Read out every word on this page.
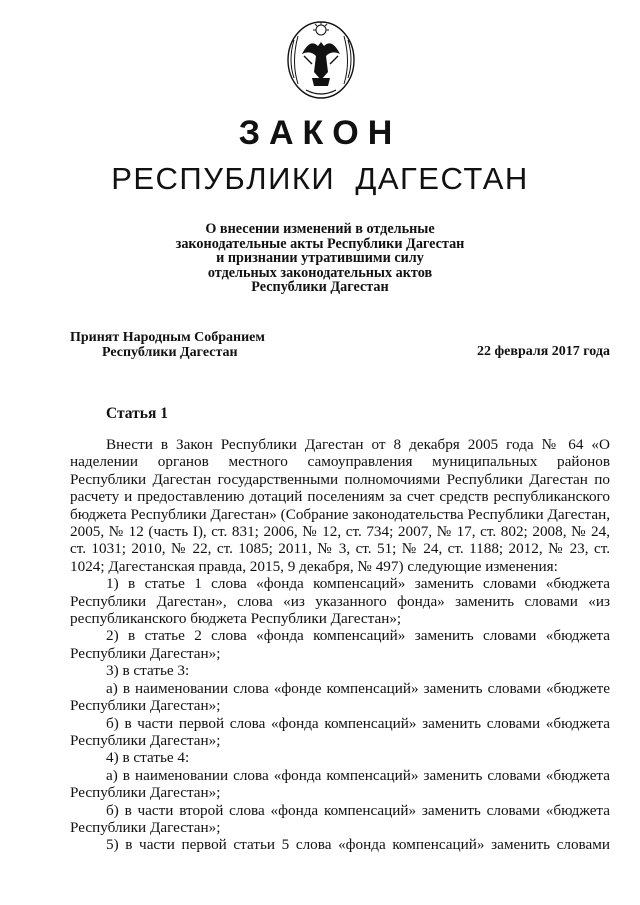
ЗАКОН
РЕСПУБЛИКИ ДАГЕСТАН
О внесении изменений в отдельные
законодательные акты Республики Дагестан
и признании утратившими силу
отдельных законодательных актов
Республики Дагестан
Принят Народным Собранием
Республики Дагестан	22 февраля 2017 года
Статья 1

Внести в Закон Республики Дагестан от 8 декабря 2005 года № 64 «О наделении органов местного самоуправления муниципальных районов Республики Дагестан государственными полномочиями Республики Дагестан по расчету и предоставлению дотаций поселениям за счет средств республиканского бюджета Республики Дагестан» (Собрание законодательства Республики Дагестан, 2005, № 12 (часть I), ст. 831; 2006, № 12, ст. 734; 2007, № 17, ст. 802; 2008, № 24, ст. 1031; 2010, № 22, ст. 1085; 2011, № 3, ст. 51; № 24, ст. 1188; 2012, № 23, ст. 1024; Дагестанская правда, 2015, 9 декабря, № 497) следующие изменения:

1) в статье 1 слова «фонда компенсаций» заменить словами «бюджета Республики Дагестан», слова «из указанного фонда» заменить словами «из республиканского бюджета Республики Дагестан»;

2) в статье 2 слова «фонда компенсаций» заменить словами «бюджета Республики Дагестан»;

3) в статье 3:

а) в наименовании слова «фонде компенсаций» заменить словами «бюджете Республики Дагестан»;

б) в части первой слова «фонда компенсаций» заменить словами «бюджета Республики Дагестан»;

4) в статье 4:

а) в наименовании слова «фонда компенсаций» заменить словами «бюджета Республики Дагестан»;

б) в части второй слова «фонда компенсаций» заменить словами «бюджета Республики Дагестан»;

5) в части первой статьи 5 слова «фонда компенсаций» заменить словами
